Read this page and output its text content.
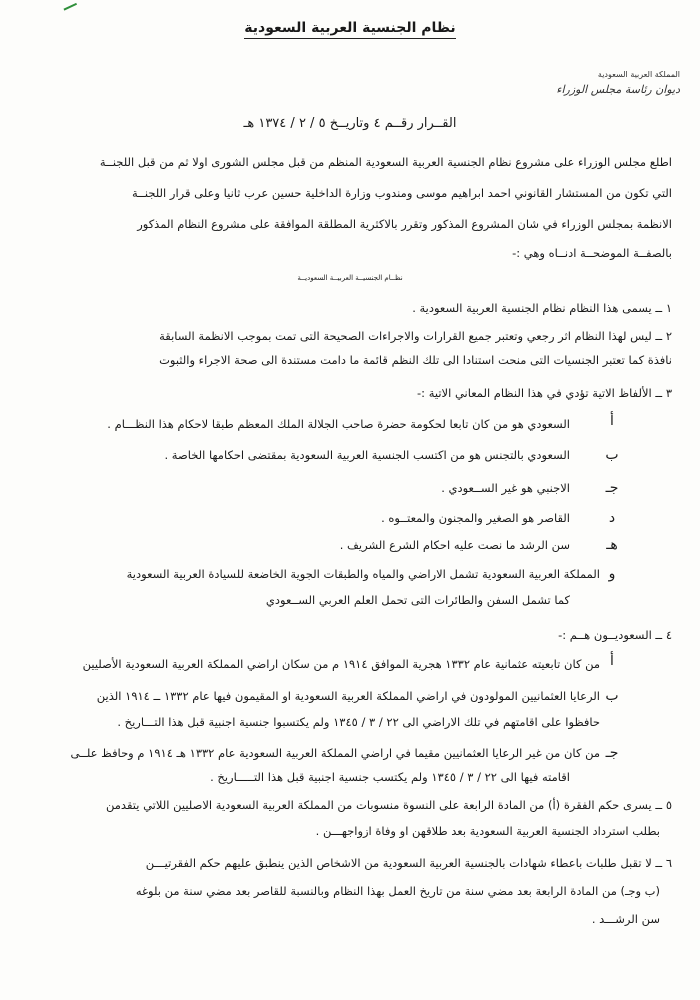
نظام الجنسية العربية السعودية
المملكة العربية السعودية
ديوان رئاسة مجلس الوزراء
القــرار رقــم ٤ وتاريــخ ٥ / ٢ / ١٣٧٤ هـ
اطلع مجلس الوزراء على مشروع نظام الجنسية العربية السعودية المنظم من قبل مجلس الشورى اولا ثم من قبل اللجنــة
التي تكون من المستشار القانوني احمد ابراهيم موسى ومندوب وزارة الداخلية حسين عرب ثانيا وعلى قرار اللجنــة
الانظمة بمجلس الوزراء في شان المشروع المذكور وتقرر بالاكثرية المطلقة الموافقة على مشروع النظام المذكور
بالصفــة الموضحــة ادنــاه وهي :-
نظــام الجنسيــة العربيــة السعوديــة
١ ــ يسمى هذا النظام نظام الجنسية العربية السعودية .
٢ ــ ليس لهذا النظام اثر رجعي وتعتبر جميع القرارات والاجراءات الصحيحة التى تمت بموجب الانظمة السابقة
نافذة كما تعتبر الجنسيات التى منحت استنادا الى تلك النظم قائمة ما دامت مستندة الى صحة الاجراء والثبوت
٣ ــ الألفاظ الاتية تؤدي في هذا النظام المعاني الاتية :-
أ
السعودي هو من كان تابعا لحكومة حضرة صاحب الجلالة الملك المعظم طبقا لاحكام هذا النظـــام .
ب
السعودي بالتجنس هو من اكتسب الجنسية العربية السعودية بمقتضى احكامها الخاصة .
جـ
الاجنبي هو غير الســعودي .
د
القاصر هو الصغير والمجنون والمعتــوه .
هـ
سن الرشد ما نصت عليه احكام الشرع الشريف .
و
المملكة العربية السعودية تشمل الاراضي والمياه والطبقات الجوية الخاضعة للسيادة العربية السعودية
كما تشمل السفن والطائرات التى تحمل العلم العربي الســعودي
٤ ــ السعوديــون هــم :-
أ
من كان تابعيته عثمانية عام ١٣٣٢ هجرية الموافق ١٩١٤ م من سكان اراضي المملكة العربية السعودية الأصليين
ب
الرعايا العثمانيين المولودون في اراضي المملكة العربية السعودية او المقيمون فيها عام ١٣٣٢ ــ ١٩١٤ الذين
حافظوا على اقامتهم في تلك الاراضي الى ٢٢ / ٣ / ١٣٤٥ ولم يكتسبوا جنسية اجنبية قبل هذا التـــاريخ .
جـ
من كان من غير الرعايا العثمانيين مقيما في اراضي المملكة العربية السعودية عام ١٣٣٢ هـ ١٩١٤ م وحافظ علــى
اقامته فيها الى ٢٢ / ٣ / ١٣٤٥ ولم يكتسب جنسية اجنبية قبل هذا التـــــاريخ .
٥ ــ يسرى حكم الفقرة (أ) من المادة الرابعة على النسوة منسوبات من المملكة العربية السعودية الاصليين اللاتي يتقدمن
بطلب استرداد الجنسية العربية السعودية بعد طلاقهن او وفاة ازواجهـــن .
٦ ــ لا تقبل طلبات باعطاء شهادات بالجنسية العربية السعودية من الاشخاص الذين ينطبق عليهم حكم الفقرتيـــن
(ب وجـ) من المادة الرابعة بعد مضي سنة من تاريخ العمل بهذا النظام وبالنسبة للقاصر بعد مضي سنة من بلوغه
سن الرشـــد .
